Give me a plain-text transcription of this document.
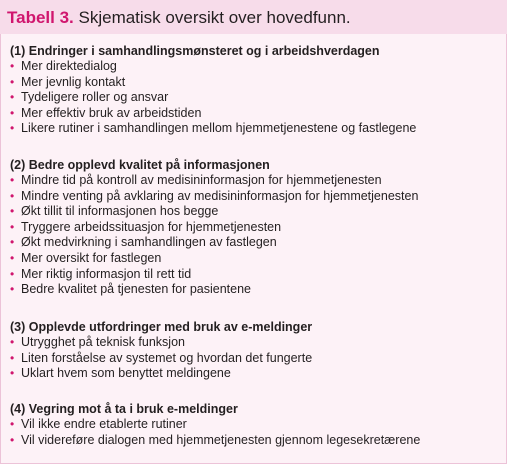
Tabell 3. Skjematisk oversikt over hovedfunn.
(1) Endringer i samhandlingsmønsteret og i arbeidshverdagen
• Mer direktedialog
• Mer jevnlig kontakt
• Tydeligere roller og ansvar
• Mer effektiv bruk av arbeidstiden
• Likere rutiner i samhandlingen mellom hjemmetjenestene og fastlegene
(2) Bedre opplevd kvalitet på informasjonen
• Mindre tid på kontroll av medisininformasjon for hjemmetjenesten
• Mindre venting på avklaring av medisininformasjon for hjemmetjenesten
• Økt tillit til informasjonen hos begge
• Tryggere arbeidssituasjon for hjemmetjenesten
• Økt medvirkning i samhandlingen av fastlegen
• Mer oversikt for fastlegen
• Mer riktig informasjon til rett tid
• Bedre kvalitet på tjenesten for pasientene
(3) Opplevde utfordringer med bruk av e-meldinger
• Utrygghet på teknisk funksjon
• Liten forståelse av systemet og hvordan det fungerte
• Uklart hvem som benyttet meldingene
(4) Vegring mot å ta i bruk e-meldinger
• Vil ikke endre etablerte rutiner
• Vil videreføre dialogen med hjemmetjenesten gjennom legesekretærene
